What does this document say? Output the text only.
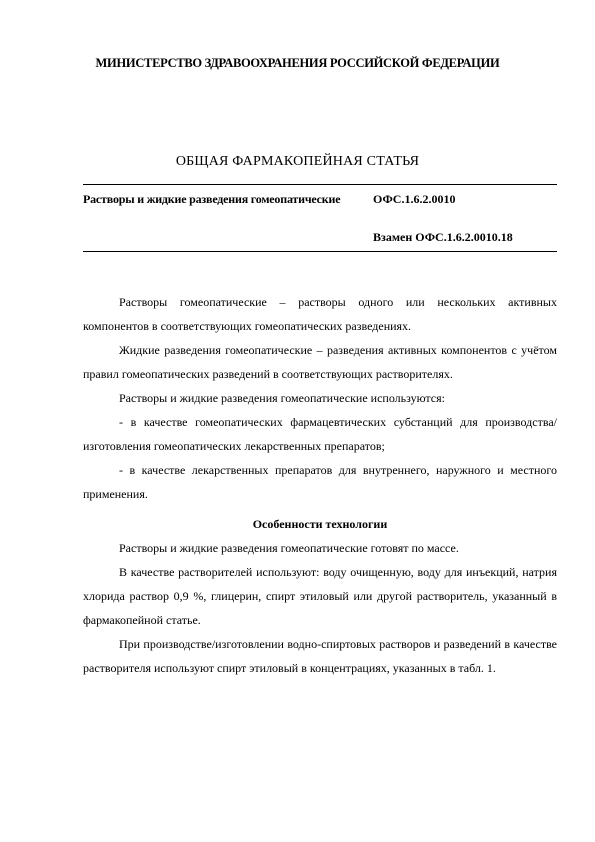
МИНИСТЕРСТВО ЗДРАВООХРАНЕНИЯ РОССИЙСКОЙ ФЕДЕРАЦИИ
ОБЩАЯ ФАРМАКОПЕЙНАЯ СТАТЬЯ
Растворы и жидкие разведения гомеопатические	ОФС.1.6.2.0010
Взамен ОФС.1.6.2.0010.18

Растворы гомеопатические – растворы одного или нескольких активных компонентов в соответствующих гомеопатических разведениях.

Жидкие разведения гомеопатические – разведения активных компонентов с учётом правил гомеопатических разведений в соответствующих растворителях.

Растворы и жидкие разведения гомеопатические используются:

- в качестве гомеопатических фармацевтических субстанций для производства/изготовления гомеопатических лекарственных препаратов;

- в качестве лекарственных препаратов для внутреннего, наружного и местного применения.

Особенности технологии

Растворы и жидкие разведения гомеопатические готовят по массе.

В качестве растворителей используют: воду очищенную, воду для инъекций, натрия хлорида раствор 0,9 %, глицерин, спирт этиловый или другой растворитель, указанный в фармакопейной статье.

При производстве/изготовлении водно-спиртовых растворов и разведений в качестве растворителя используют спирт этиловый в концентрациях, указанных в табл. 1.
